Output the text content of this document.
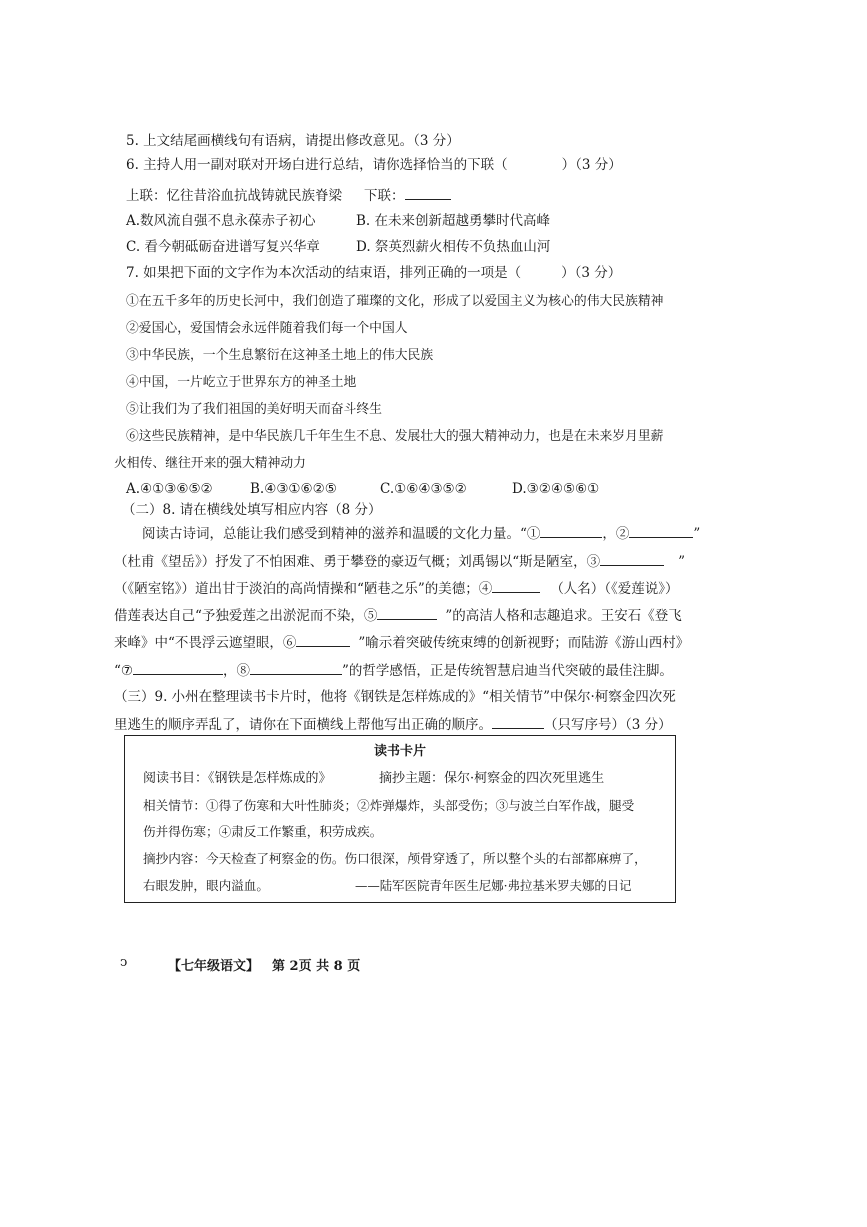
5. 上文结尾画横线句有语病，请提出修改意见。（3 分）
6. 主持人用一副对联对开场白进行总结，请你选择恰当的下联（	）（3 分）
上联：忆往昔浴血抗战铸就民族脊梁 下联：
A.数风流自强不息永葆赤子初心	B. 在未来创新超越勇攀时代高峰
C. 看今朝砥砺奋进谱写复兴华章	D. 祭英烈薪火相传不负热血山河
7. 如果把下面的文字作为本次活动的结束语，排列正确的一项是（	）（3 分）
①在五千多年的历史长河中，我们创造了璀璨的文化，形成了以爱国主义为核心的伟大民族精神
②爱国心，爱国情会永远伴随着我们每一个中国人
③中华民族，一个生息繁衍在这神圣土地上的伟大民族
④中国，一片屹立于世界东方的神圣土地
⑤让我们为了我们祖国的美好明天而奋斗终生
⑥这些民族精神，是中华民族几千年生生不息、发展壮大的强大精神动力，也是在未来岁月里薪
火相传、继往开来的强大精神动力
A.④①③⑥⑤②	B.④③①⑥②⑤	C.①⑥④③⑤②	D.③②④⑤⑥①
（二）8. 请在横线处填写相应内容（8 分）
阅读古诗词，总能让我们感受到精神的滋养和温暖的文化力量。“①	，②	”
（杜甫《望岳》）抒发了不怕困难、勇于攀登的豪迈气概；刘禹锡以“斯是陋室，③	”
（《陋室铭》）道出甘于淡泊的高尚情操和“陋巷之乐”的美德；④	（人名）（《爱莲说》）
借莲表达自己“予独爱莲之出淤泥而不染，⑤	”的高洁人格和志趣追求。王安石《登飞
来峰》中“不畏浮云遮望眼，⑥	”喻示着突破传统束缚的创新视野；而陆游《游山西村》
“⑦	，⑧	”的哲学感悟，正是传统智慧启迪当代突破的最佳注脚。
（三）9. 小州在整理读书卡片时，他将《钢铁是怎样炼成的》“相关情节”中保尔·柯察金四次死
里逃生的顺序弄乱了，请你在下面横线上帮他写出正确的顺序。	（只写序号）（3 分）
读书卡片
阅读书目：《钢铁是怎样炼成的》	摘抄主题：保尔·柯察金的四次死里逃生
相关情节：①得了伤寒和大叶性肺炎；②炸弹爆炸，头部受伤；③与波兰白军作战，腿受
伤并得伤寒；④肃反工作繁重，积劳成疾。
摘抄内容：今天检查了柯察金的伤。伤口很深，颅骨穿透了，所以整个头的右部都麻痹了，
右眼发肿，眼内溢血。	——陆军医院青年医生尼娜·弗拉基米罗夫娜的日记
ↄ	【七年级语文】 第 2页 共 8 页
